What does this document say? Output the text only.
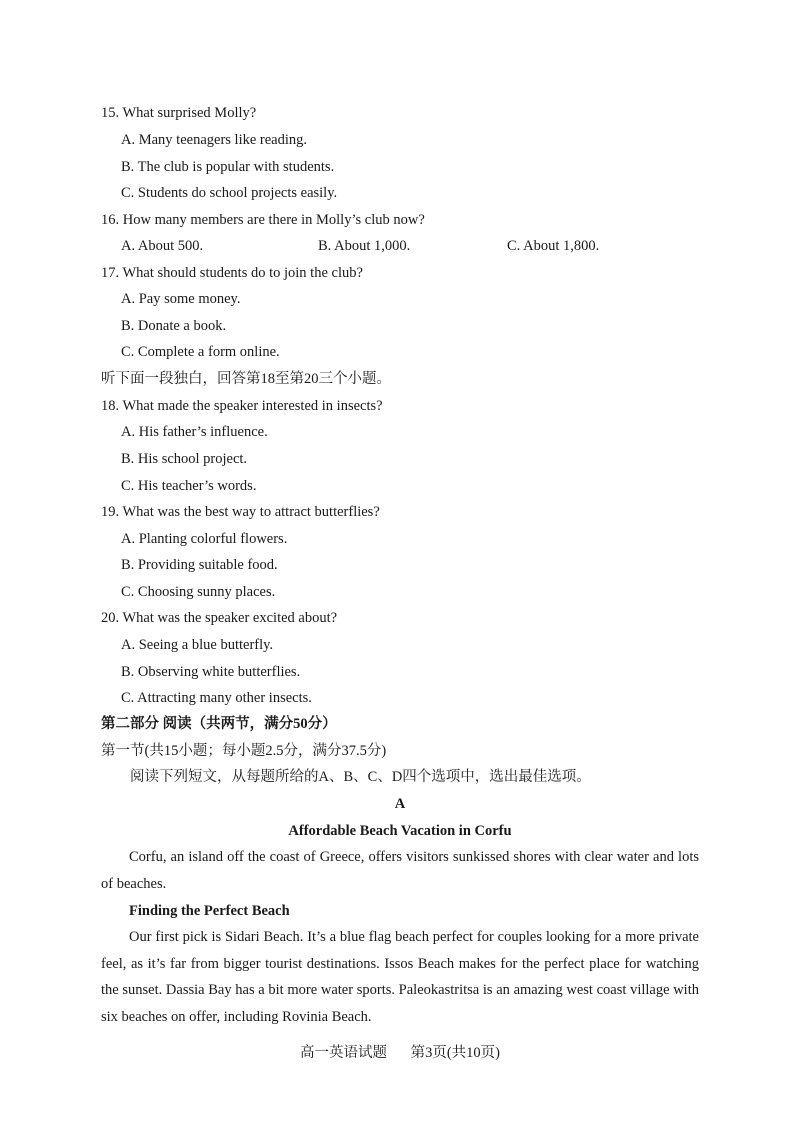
15. What surprised Molly?
A. Many teenagers like reading.
B. The club is popular with students.
C. Students do school projects easily.
16. How many members are there in Molly’s club now?
A. About 500.	B. About 1,000.	C. About 1,800.
17. What should students do to join the club?
A. Pay some money.
B. Donate a book.
C. Complete a form online.
听下面一段独白，回答第18至第20三个小题。
18. What made the speaker interested in insects?
A. His father’s influence.
B. His school project.
C. His teacher’s words.
19. What was the best way to attract butterflies?
A. Planting colorful flowers.
B. Providing suitable food.
C. Choosing sunny places.
20. What was the speaker excited about?
A. Seeing a blue butterfly.
B. Observing white butterflies.
C. Attracting many other insects.
第二部分 阅读（共两节，满分50分）
第一节(共15小题；每小题2.5分，满分37.5分)
阅读下列短文，从每题所给的A、B、C、D四个选项中，选出最佳选项。
A
Affordable Beach Vacation in Corfu
Corfu, an island off the coast of Greece, offers visitors sunkissed shores with clear water and lots of beaches.
Finding the Perfect Beach
Our first pick is Sidari Beach. It’s a blue flag beach perfect for couples looking for a more private feel, as it’s far from bigger tourist destinations. Issos Beach makes for the perfect place for watching the sunset. Dassia Bay has a bit more water sports. Paleokastritsa is an amazing west coast village with six beaches on offer, including Rovinia Beach.
高一英语试题 第3页(共10页)
